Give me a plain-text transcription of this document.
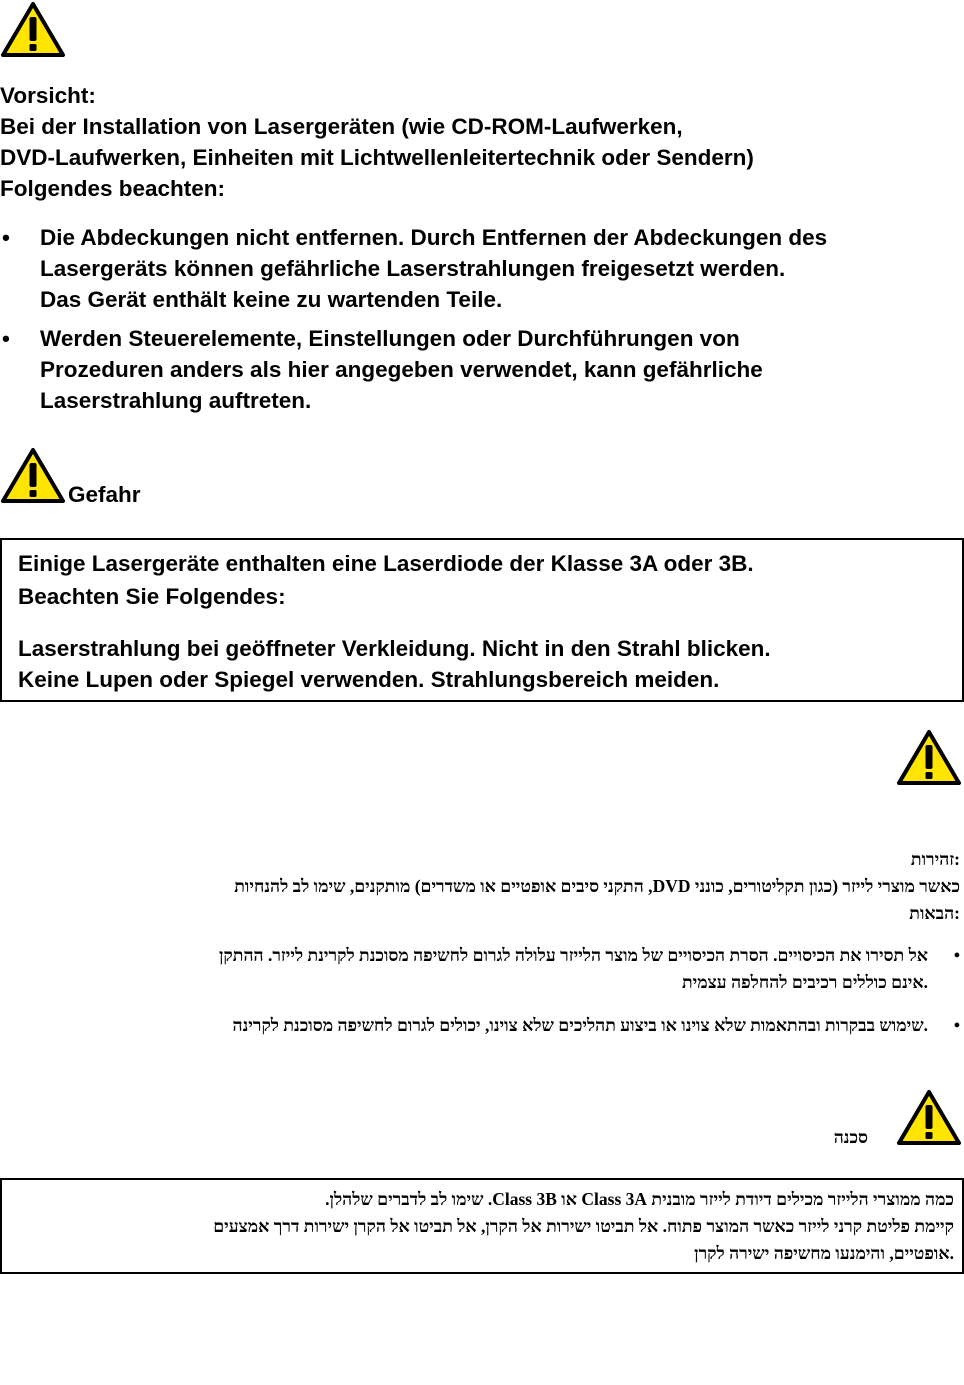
Vorsicht:
Bei der Installation von Lasergeräten (wie CD-ROM-Laufwerken,
DVD-Laufwerken, Einheiten mit Lichtwellenleitertechnik oder Sendern)
Folgendes beachten:
• Die Abdeckungen nicht entfernen. Durch Entfernen der Abdeckungen des
Lasergeräts können gefährliche Laserstrahlungen freigesetzt werden.
Das Gerät enthält keine zu wartenden Teile.
• Werden Steuerelemente, Einstellungen oder Durchführungen von
Prozeduren anders als hier angegeben verwendet, kann gefährliche
Laserstrahlung auftreten.
Gefahr
Einige Lasergeräte enthalten eine Laserdiode der Klasse 3A oder 3B.
Beachten Sie Folgendes:
Laserstrahlung bei geöffneter Verkleidung. Nicht in den Strahl blicken.
Keine Lupen oder Spiegel verwenden. Strahlungsbereich meiden.
:זהירות
כאשר מוצרי לייזר (כגון תקליטורים, כונני DVD, התקני סיבים אופטיים או משדרים) מותקנים, שימו לב להנחיות
:הבאות
•
אל תסירו את הכיסויים. הסרת הכיסויים של מוצר הלייזר עלולה לגרום לחשיפה מסוכנת לקרינת לייזר. ההתקן
.אינם כוללים רכיבים להחלפה עצמית
•
.שימוש בבקרות ובהתאמות שלא צוינו או ביצוע תהליכים שלא צוינו, יכולים לגרום לחשיפה מסוכנת לקרינה
סכנה
כמה ממוצרי הלייזר מכילים דיודת לייזר מובנית Class 3A או Class 3B. שימו לב לדברים שלהלן.
קיימת פליטת קרני לייזר כאשר המוצר פתוח. אל תביטו ישירות אל הקרן, אל תביטו אל הקרן ישירות דרך אמצעים
.אופטיים, והימנעו מחשיפה ישירה לקרן
